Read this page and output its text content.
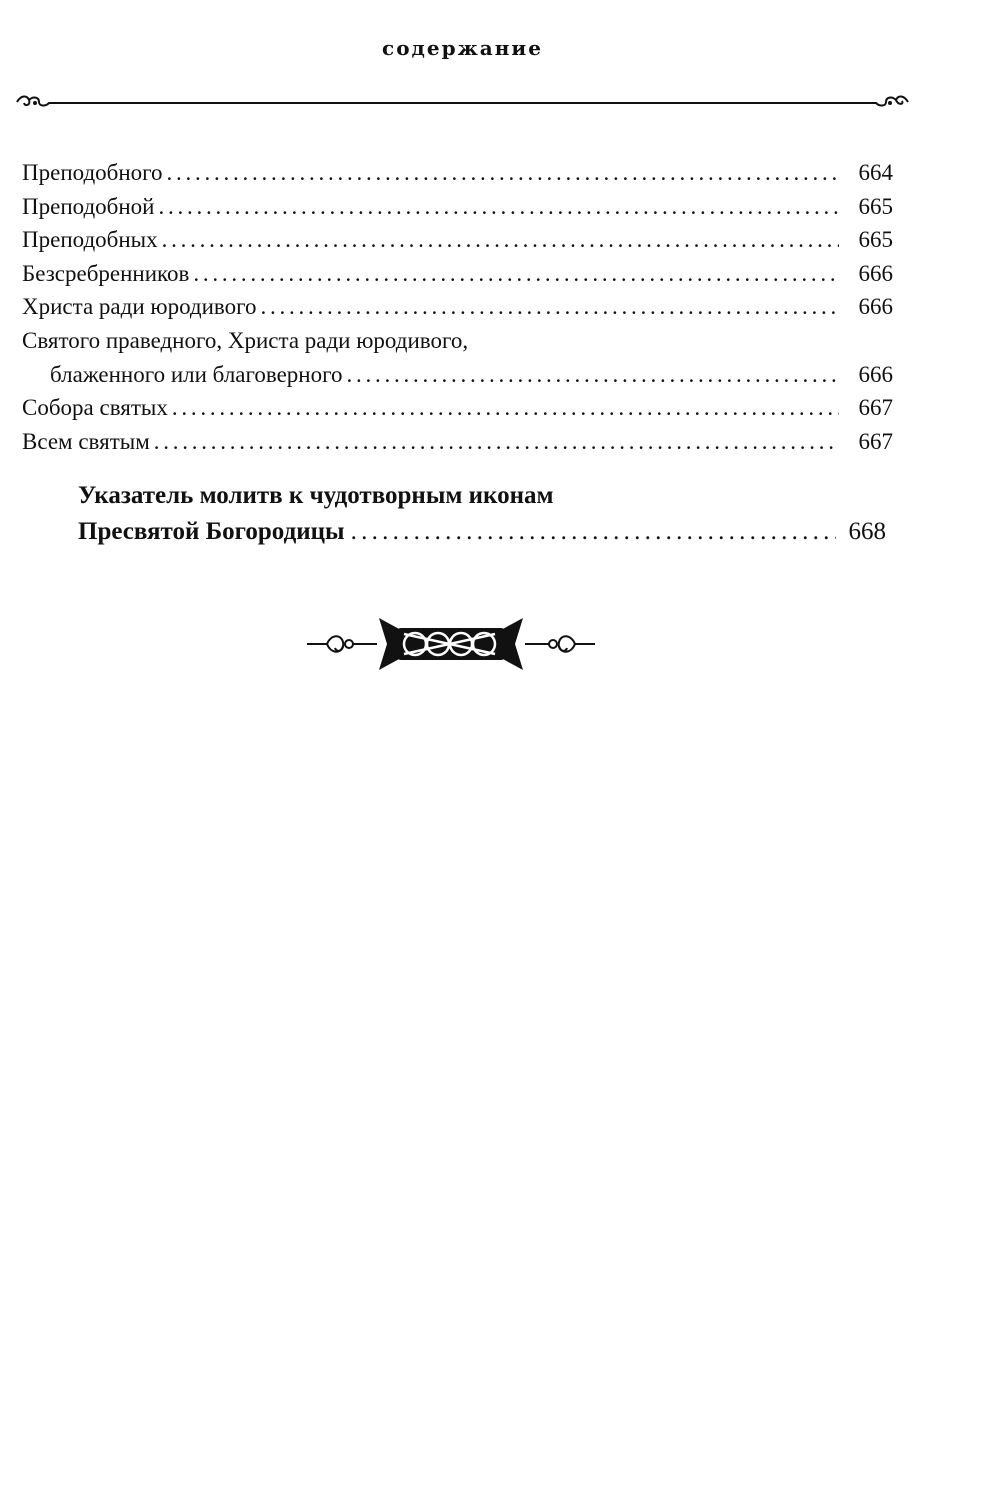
содержание
Преподобного . . .	664
Преподобной . . .	665
Преподобных . . .	665
Безсребренников . . .	666
Христа ради юродивого . . .	666
Святого праведного, Христа ради юродивого,
блаженного или благоверного . . .	666
Собора святых . . .	667
Всем святым . . .	667
Указатель молитв к чудотворным иконам
Пресвятой Богородицы . . .	668
